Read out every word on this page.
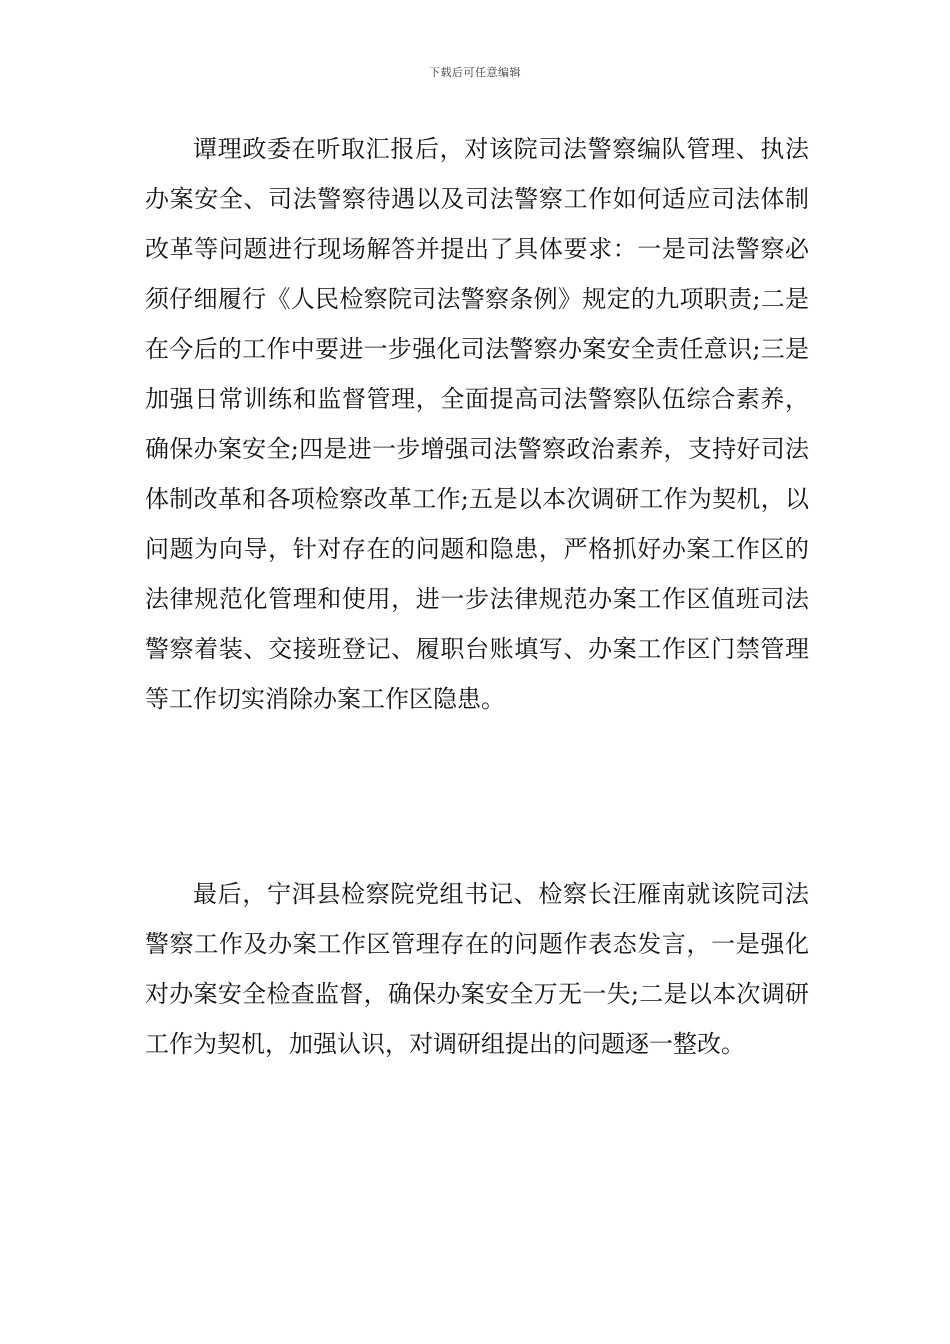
下载后可任意编辑

谭理政委在听取汇报后，对该院司法警察编队管理、执法办案安全、司法警察待遇以及司法警察工作如何适应司法体制改革等问题进行现场解答并提出了具体要求：一是司法警察必须仔细履行《人民检察院司法警察条例》规定的九项职责;二是在今后的工作中要进一步强化司法警察办案安全责任意识;三是加强日常训练和监督管理，全面提高司法警察队伍综合素养，确保办案安全;四是进一步增强司法警察政治素养，支持好司法体制改革和各项检察改革工作;五是以本次调研工作为契机，以问题为向导，针对存在的问题和隐患，严格抓好办案工作区的法律规范化管理和使用，进一步法律规范办案工作区值班司法警察着装、交接班登记、履职台账填写、办案工作区门禁管理等工作切实消除办案工作区隐患。

最后，宁洱县检察院党组书记、检察长汪雁南就该院司法警察工作及办案工作区管理存在的问题作表态发言，一是强化对办案安全检查监督，确保办案安全万无一失;二是以本次调研工作为契机，加强认识，对调研组提出的问题逐一整改。
